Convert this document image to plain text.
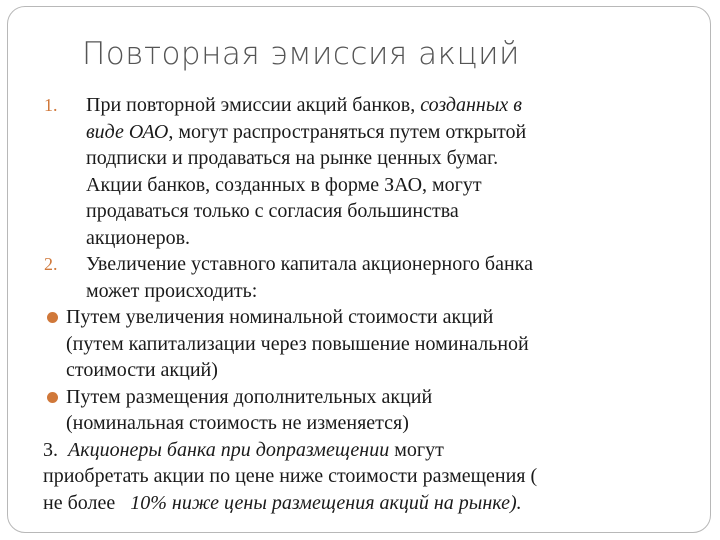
Повторная эмиссия акций
1. При повторной эмиссии акций банков, созданных в
виде ОАО, могут распространяться путем открытой
подписки и продаваться на рынке ценных бумаг.
Акции банков, созданных в форме ЗАО, могут
продаваться только с согласия большинства
акционеров.
2. Увеличение уставного капитала акционерного банка
может происходить:
Путем увеличения номинальной стоимости акций
(путем капитализации через повышение номинальной
стоимости акций)
Путем размещения дополнительных акций
(номинальная стоимость не изменяется)
3. Акционеры банка при допразмещении могут
приобретать акции по цене ниже стоимости размещения (
не более   10% ниже цены размещения акций на рынке).
